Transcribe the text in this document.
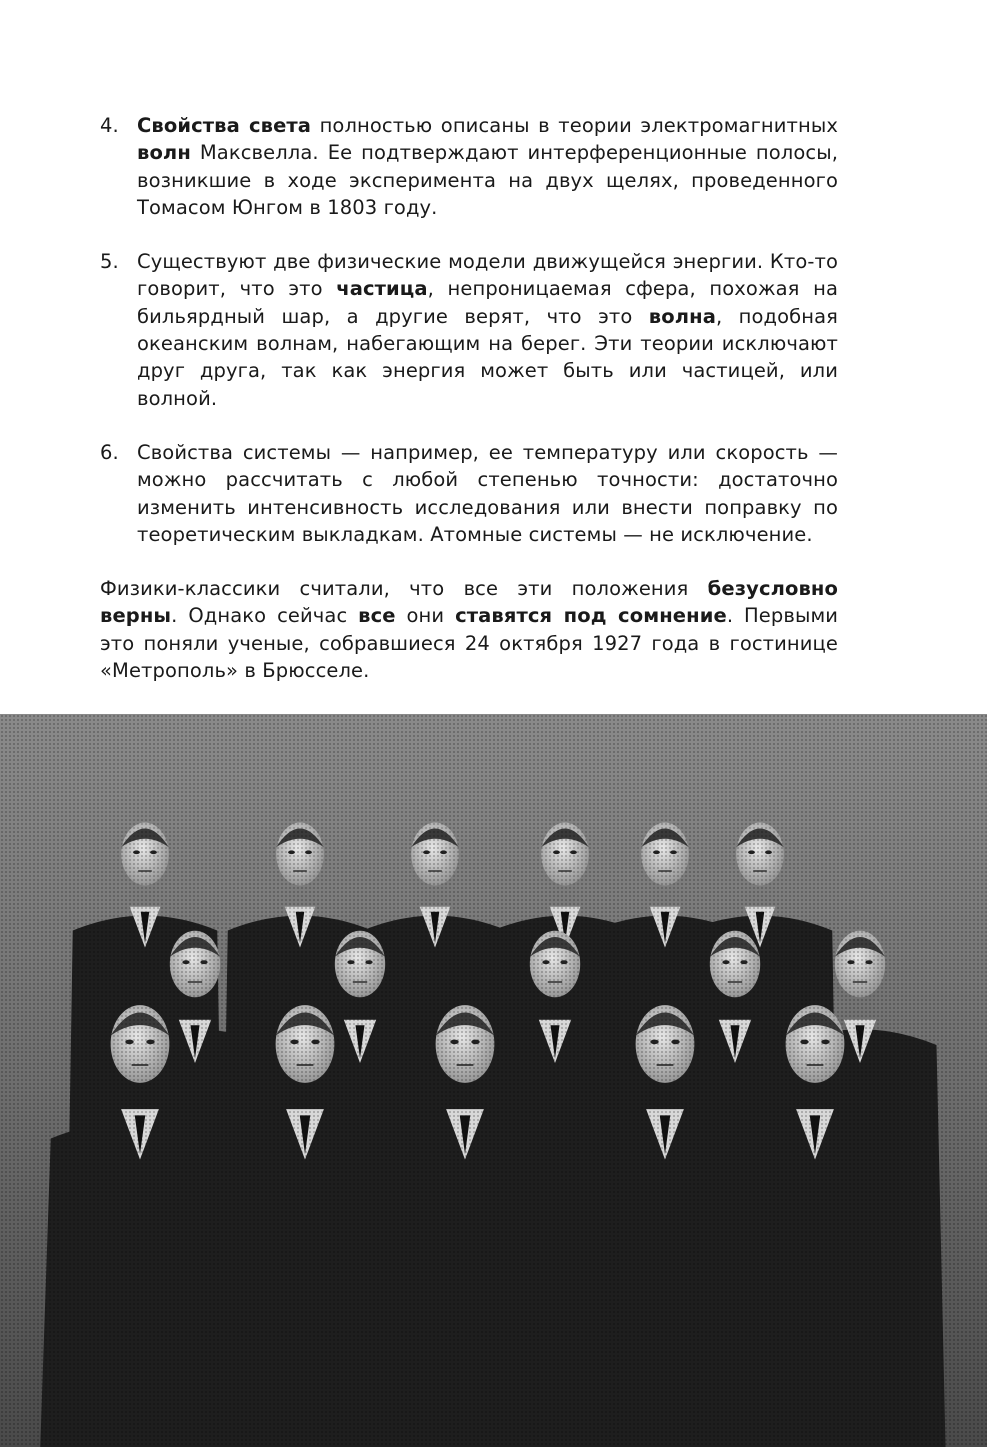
4. Свойства света полностью описаны в теории электромагнитных волн Максвелла. Ее подтверждают интерференционные полосы, возникшие в ходе эксперимента на двух щелях, проведенного Томасом Юнгом в 1803 году.
5. Существуют две физические модели движущейся энергии. Кто-то говорит, что это частица, непроницаемая сфера, похожая на бильярдный шар, а другие верят, что это волна, подобная океанским волнам, набегающим на берег. Эти теории исключают друг друга, так как энергия может быть или частицей, или волной.
6. Свойства системы — например, ее температуру или скорость — можно рассчитать с любой степенью точности: достаточно изменить интенсивность исследования или внести поправку по теоретическим выкладкам. Атомные системы — не исключение.
Физики-классики считали, что все эти положения безусловно верны. Однако сейчас все они ставятся под сомнение. Первыми это поняли ученые, собравшиеся 24 октября 1927 года в гостинице «Метрополь» в Брюсселе.
